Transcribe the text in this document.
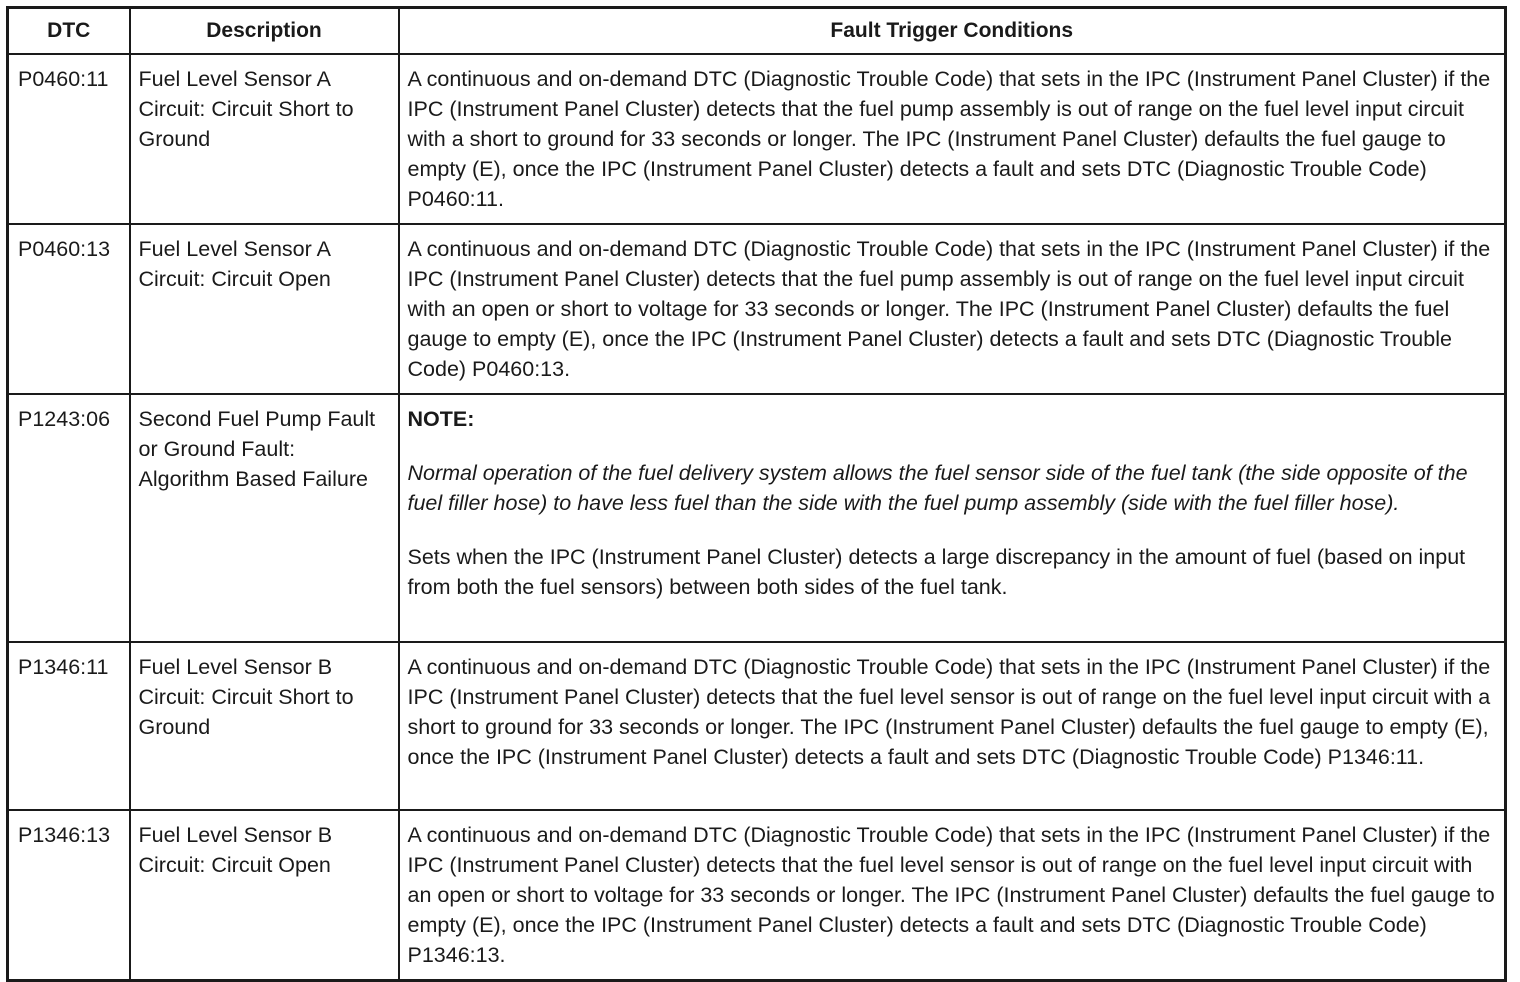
DTC	Description	Fault Trigger Conditions
P0460:11	Fuel Level Sensor A Circuit: Circuit Short to Ground	A continuous and on-demand DTC (Diagnostic Trouble Code) that sets in the IPC (Instrument Panel Cluster) if the IPC (Instrument Panel Cluster) detects that the fuel pump assembly is out of range on the fuel level input circuit with a short to ground for 33 seconds or longer. The IPC (Instrument Panel Cluster) defaults the fuel gauge to empty (E), once the IPC (Instrument Panel Cluster) detects a fault and sets DTC (Diagnostic Trouble Code) P0460:11.
P0460:13	Fuel Level Sensor A Circuit: Circuit Open	A continuous and on-demand DTC (Diagnostic Trouble Code) that sets in the IPC (Instrument Panel Cluster) if the IPC (Instrument Panel Cluster) detects that the fuel pump assembly is out of range on the fuel level input circuit with an open or short to voltage for 33 seconds or longer. The IPC (Instrument Panel Cluster) defaults the fuel gauge to empty (E), once the IPC (Instrument Panel Cluster) detects a fault and sets DTC (Diagnostic Trouble Code) P0460:13.
P1243:06	Second Fuel Pump Fault or Ground Fault: Algorithm Based Failure	NOTE:

Normal operation of the fuel delivery system allows the fuel sensor side of the fuel tank (the side opposite of the fuel filler hose) to have less fuel than the side with the fuel pump assembly (side with the fuel filler hose).

Sets when the IPC (Instrument Panel Cluster) detects a large discrepancy in the amount of fuel (based on input from both the fuel sensors) between both sides of the fuel tank.

P1346:11	Fuel Level Sensor B Circuit: Circuit Short to Ground	A continuous and on-demand DTC (Diagnostic Trouble Code) that sets in the IPC (Instrument Panel Cluster) if the IPC (Instrument Panel Cluster) detects that the fuel level sensor is out of range on the fuel level input circuit with a short to ground for 33 seconds or longer. The IPC (Instrument Panel Cluster) defaults the fuel gauge to empty (E), once the IPC (Instrument Panel Cluster) detects a fault and sets DTC (Diagnostic Trouble Code) P1346:11.
P1346:13	Fuel Level Sensor B Circuit: Circuit Open	A continuous and on-demand DTC (Diagnostic Trouble Code) that sets in the IPC (Instrument Panel Cluster) if the IPC (Instrument Panel Cluster) detects that the fuel level sensor is out of range on the fuel level input circuit with an open or short to voltage for 33 seconds or longer. The IPC (Instrument Panel Cluster) defaults the fuel gauge to empty (E), once the IPC (Instrument Panel Cluster) detects a fault and sets DTC (Diagnostic Trouble Code) P1346:13.
